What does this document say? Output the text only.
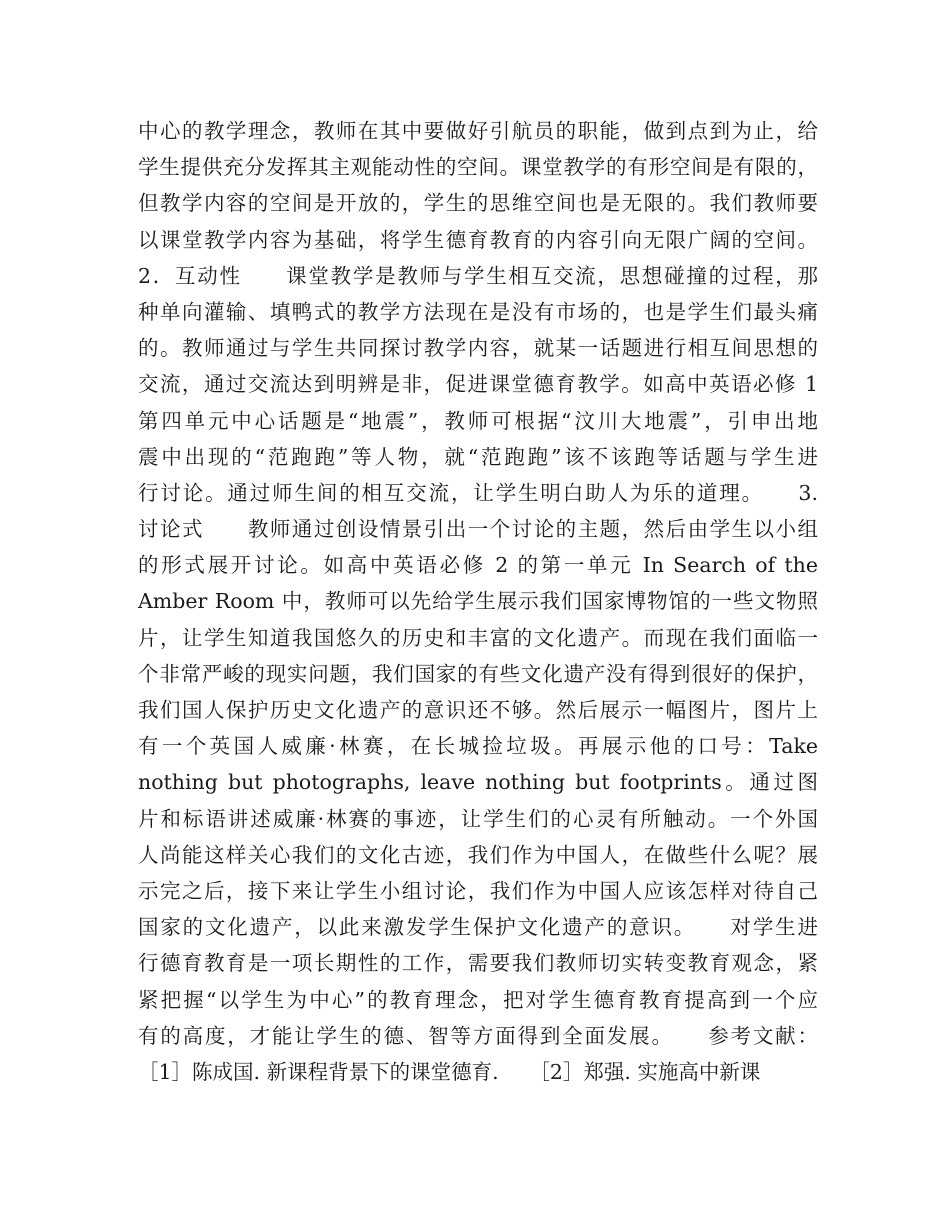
中心的教学理念，教师在其中要做好引航员的职能，做到点到为止，给
学生提供充分发挥其主观能动性的空间。课堂教学的有形空间是有限的，
但教学内容的空间是开放的，学生的思维空间也是无限的。我们教师要
以课堂教学内容为基础，将学生德育教育的内容引向无限广阔的空间。
2．互动性　　课堂教学是教师与学生相互交流，思想碰撞的过程，那
种单向灌输、填鸭式的教学方法现在是没有市场的，也是学生们最头痛
的。教师通过与学生共同探讨教学内容，就某一话题进行相互间思想的
交流，通过交流达到明辨是非，促进课堂德育教学。如高中英语必修 1
第四单元中心话题是“地震”，教师可根据“汶川大地震”，引申出地
震中出现的“范跑跑”等人物，就“范跑跑”该不该跑等话题与学生进
行讨论。通过师生间的相互交流，让学生明白助人为乐的道理。　　3.
讨论式　　教师通过创设情景引出一个讨论的主题，然后由学生以小组
的形式展开讨论。如高中英语必修 2 的第一单元 In Search of the
Amber Room 中，教师可以先给学生展示我们国家博物馆的一些文物照
片，让学生知道我国悠久的历史和丰富的文化遗产。而现在我们面临一
个非常严峻的现实问题，我们国家的有些文化遗产没有得到很好的保护，
我们国人保护历史文化遗产的意识还不够。然后展示一幅图片，图片上
有一个英国人威廉·林赛，在长城捡垃圾。再展示他的口号：Take
nothing but photographs, leave nothing but footprints。通过图
片和标语讲述威廉·林赛的事迹，让学生们的心灵有所触动。一个外国
人尚能这样关心我们的文化古迹，我们作为中国人，在做些什么呢？展
示完之后，接下来让学生小组讨论，我们作为中国人应该怎样对待自己
国家的文化遗产，以此来激发学生保护文化遗产的意识。　　对学生进
行德育教育是一项长期性的工作，需要我们教师切实转变教育观念，紧
紧把握“以学生为中心”的教育理念，把对学生德育教育提高到一个应
有的高度，才能让学生的德、智等方面得到全面发展。　　参考文献：
［1］陈成国. 新课程背景下的课堂德育.　　［2］郑强. 实施高中新课
